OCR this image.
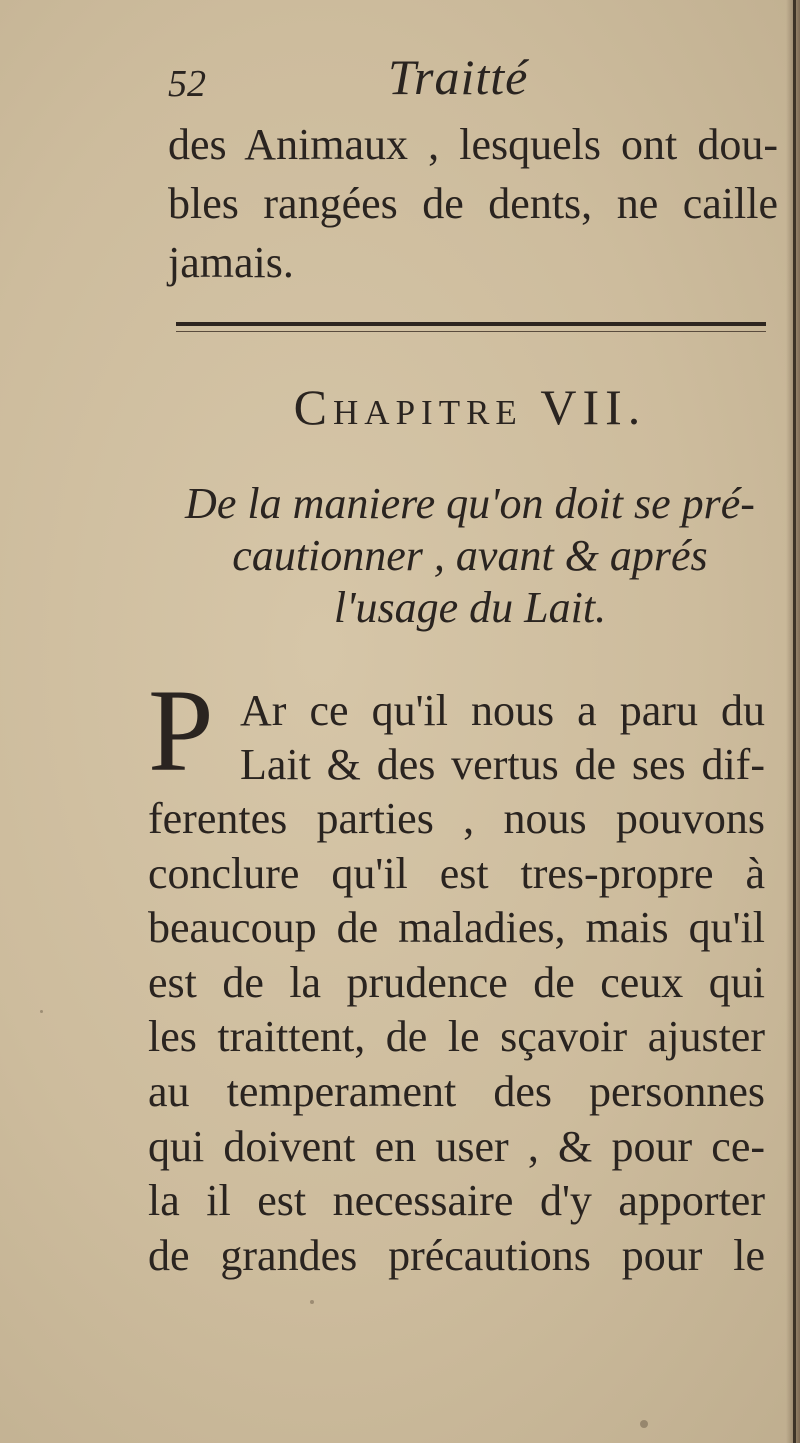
52	Traitté
des Animaux , lesquels ont dou-
bles rangées de dents, ne caille
jamais.
Chapitre VII.
De la maniere qu'on doit se pré-
cautionner , avant & aprés
l'usage du Lait.
P Ar ce qu'il nous a paru du
Lait & des vertus de ses dif-
ferentes parties , nous pouvons
conclure qu'il est tres-propre à
beaucoup de maladies, mais qu'il
est de la prudence de ceux qui
les traittent, de le sçavoir ajuster
au temperament des personnes
qui doivent en user , & pour ce-
la il est necessaire d'y apporter
de grandes précautions pour le
